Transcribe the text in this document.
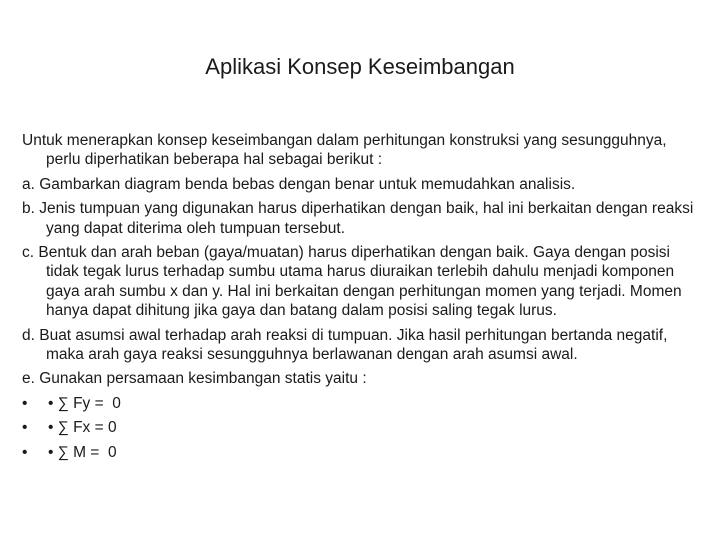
Aplikasi Konsep Keseimbangan

Untuk menerapkan konsep keseimbangan dalam perhitungan konstruksi yang sesungguhnya, perlu diperhatikan beberapa hal sebagai berikut :

a. Gambarkan diagram benda bebas dengan benar untuk memudahkan analisis.

b. Jenis tumpuan yang digunakan harus diperhatikan dengan baik, hal ini berkaitan dengan reaksi yang dapat diterima oleh tumpuan tersebut.

c. Bentuk dan arah beban (gaya/muatan) harus diperhatikan dengan baik. Gaya dengan posisi tidak tegak lurus terhadap sumbu utama harus diuraikan terlebih dahulu menjadi komponen gaya arah sumbu x dan y. Hal ini berkaitan dengan perhitungan momen yang terjadi. Momen hanya dapat dihitung jika gaya dan batang dalam posisi saling tegak lurus.

d. Buat asumsi awal terhadap arah reaksi di tumpuan. Jika hasil perhitungan bertanda negatif, maka arah gaya reaksi sesungguhnya berlawanan dengan arah asumsi awal.

e. Gunakan persamaan kesimbangan statis yaitu :

• • ∑ Fy =  0
• • ∑ Fx = 0
• • ∑ M =  0
